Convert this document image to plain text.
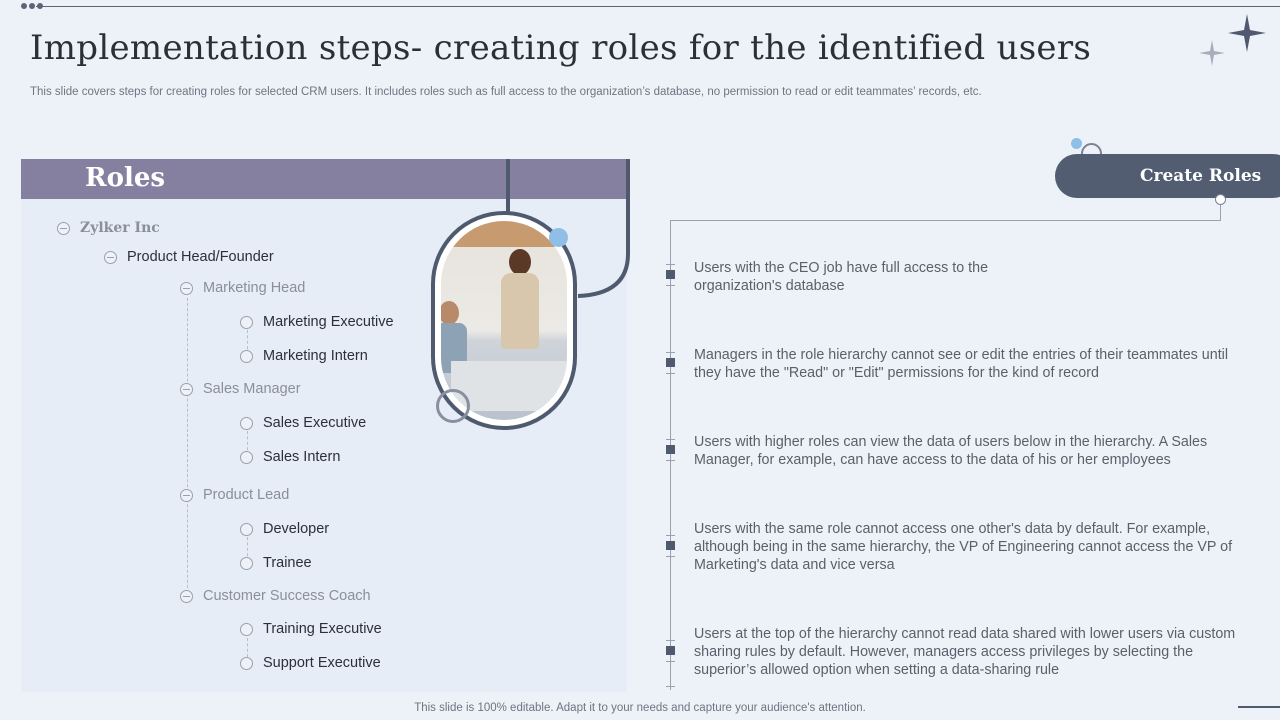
Implementation steps- creating roles for the identified users
This slide covers steps for creating roles for selected CRM users. It includes roles such as full access to the organization’s database, no permission to read or edit teammates’ records, etc.
Roles
Zylker Inc
Product Head/Founder
Marketing Head
Marketing Executive
Marketing Intern
Sales Manager
Sales Executive
Sales Intern
Product Lead
Developer
Trainee
Customer Success Coach
Training Executive
Support Executive
Create Roles
Users with the CEO job have full access to the organization's database
Managers in the role hierarchy cannot see or edit the entries of their teammates until they have the "Read" or "Edit" permissions for the kind of record
Users with higher roles can view the data of users below in the hierarchy. A Sales Manager, for example, can have access to the data of his or her employees
Users with the same role cannot access one other's data by default. For example, although being in the same hierarchy, the VP of Engineering cannot access the VP of Marketing's data and vice versa
Users at the top of the hierarchy cannot read data shared with lower users via custom sharing rules by default. However, managers access privileges by selecting the superior’s allowed option when setting a data-sharing rule
This slide is 100% editable. Adapt it to your needs and capture your audience's attention.
